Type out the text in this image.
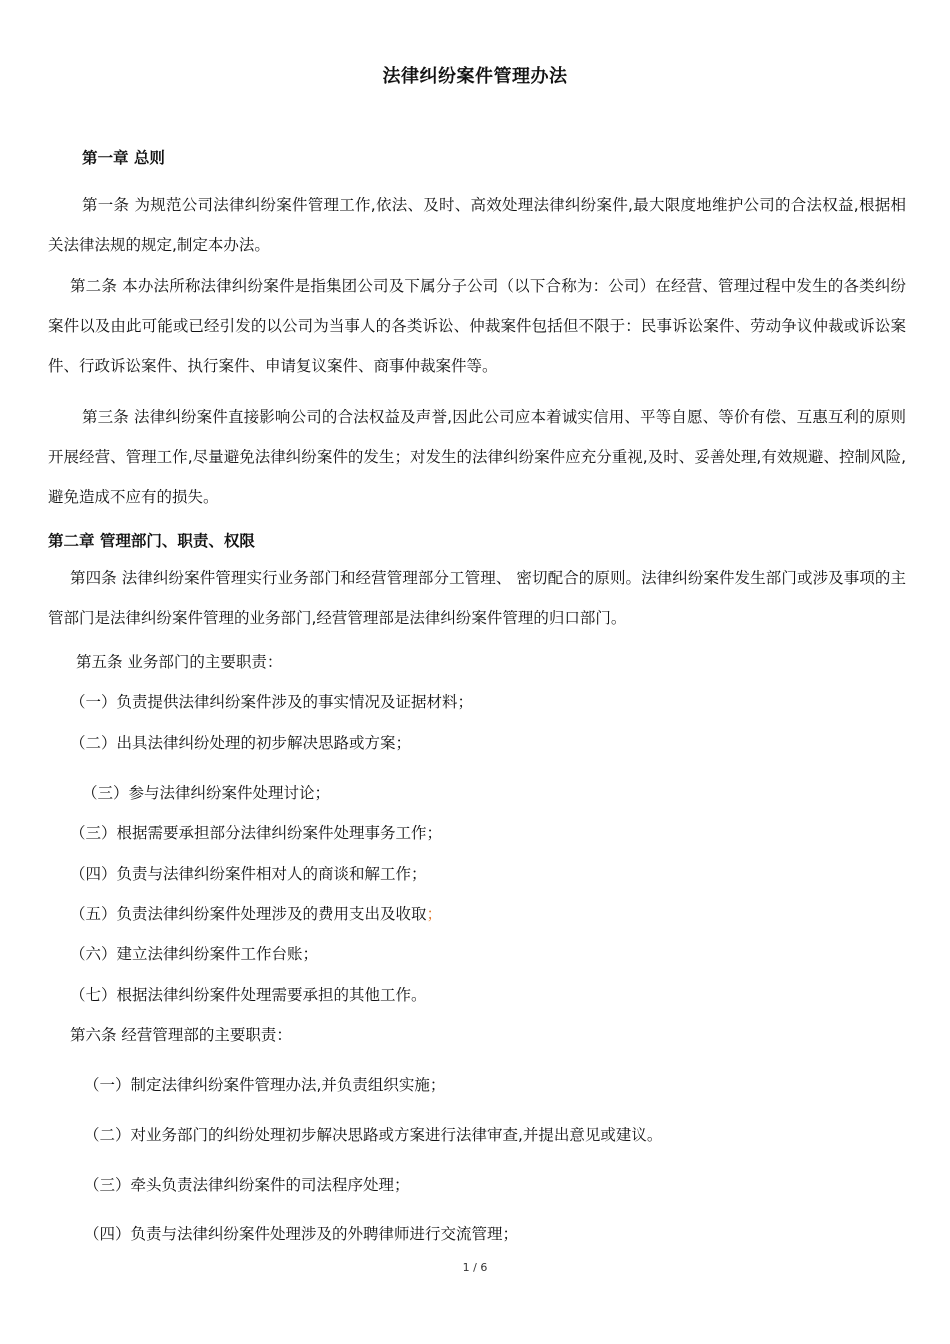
法律纠纷案件管理办法
第一章 总则
第一条 为规范公司法律纠纷案件管理工作,依法、及时、高效处理法律纠纷案件,最大限度地维护公司的合法权益,根据相关法律法规的规定,制定本办法。
第二条 本办法所称法律纠纷案件是指集团公司及下属分子公司（以下合称为：公司）在经营、管理过程中发生的各类纠纷案件以及由此可能或已经引发的以公司为当事人的各类诉讼、仲裁案件包括但不限于：民事诉讼案件、劳动争议仲裁或诉讼案件、行政诉讼案件、执行案件、申请复议案件、商事仲裁案件等。
第三条 法律纠纷案件直接影响公司的合法权益及声誉,因此公司应本着诚实信用、平等自愿、等价有偿、互惠互利的原则开展经营、管理工作,尽量避免法律纠纷案件的发生；对发生的法律纠纷案件应充分重视,及时、妥善处理,有效规避、控制风险,避免造成不应有的损失。
第二章 管理部门、职责、权限
第四条 法律纠纷案件管理实行业务部门和经营管理部分工管理、 密切配合的原则。法律纠纷案件发生部门或涉及事项的主管部门是法律纠纷案件管理的业务部门,经营管理部是法律纠纷案件管理的归口部门。
第五条 业务部门的主要职责：
（一）负责提供法律纠纷案件涉及的事实情况及证据材料；
（二）出具法律纠纷处理的初步解决思路或方案；
（三）参与法律纠纷案件处理讨论；
（三）根据需要承担部分法律纠纷案件处理事务工作；
（四）负责与法律纠纷案件相对人的商谈和解工作；
（五）负责法律纠纷案件处理涉及的费用支出及收取；
（六）建立法律纠纷案件工作台账；
（七）根据法律纠纷案件处理需要承担的其他工作。
第六条 经营管理部的主要职责：
（一）制定法律纠纷案件管理办法,并负责组织实施；
（二）对业务部门的纠纷处理初步解决思路或方案进行法律审查,并提出意见或建议。
（三）牵头负责法律纠纷案件的司法程序处理；
（四）负责与法律纠纷案件处理涉及的外聘律师进行交流管理；
1 / 6
